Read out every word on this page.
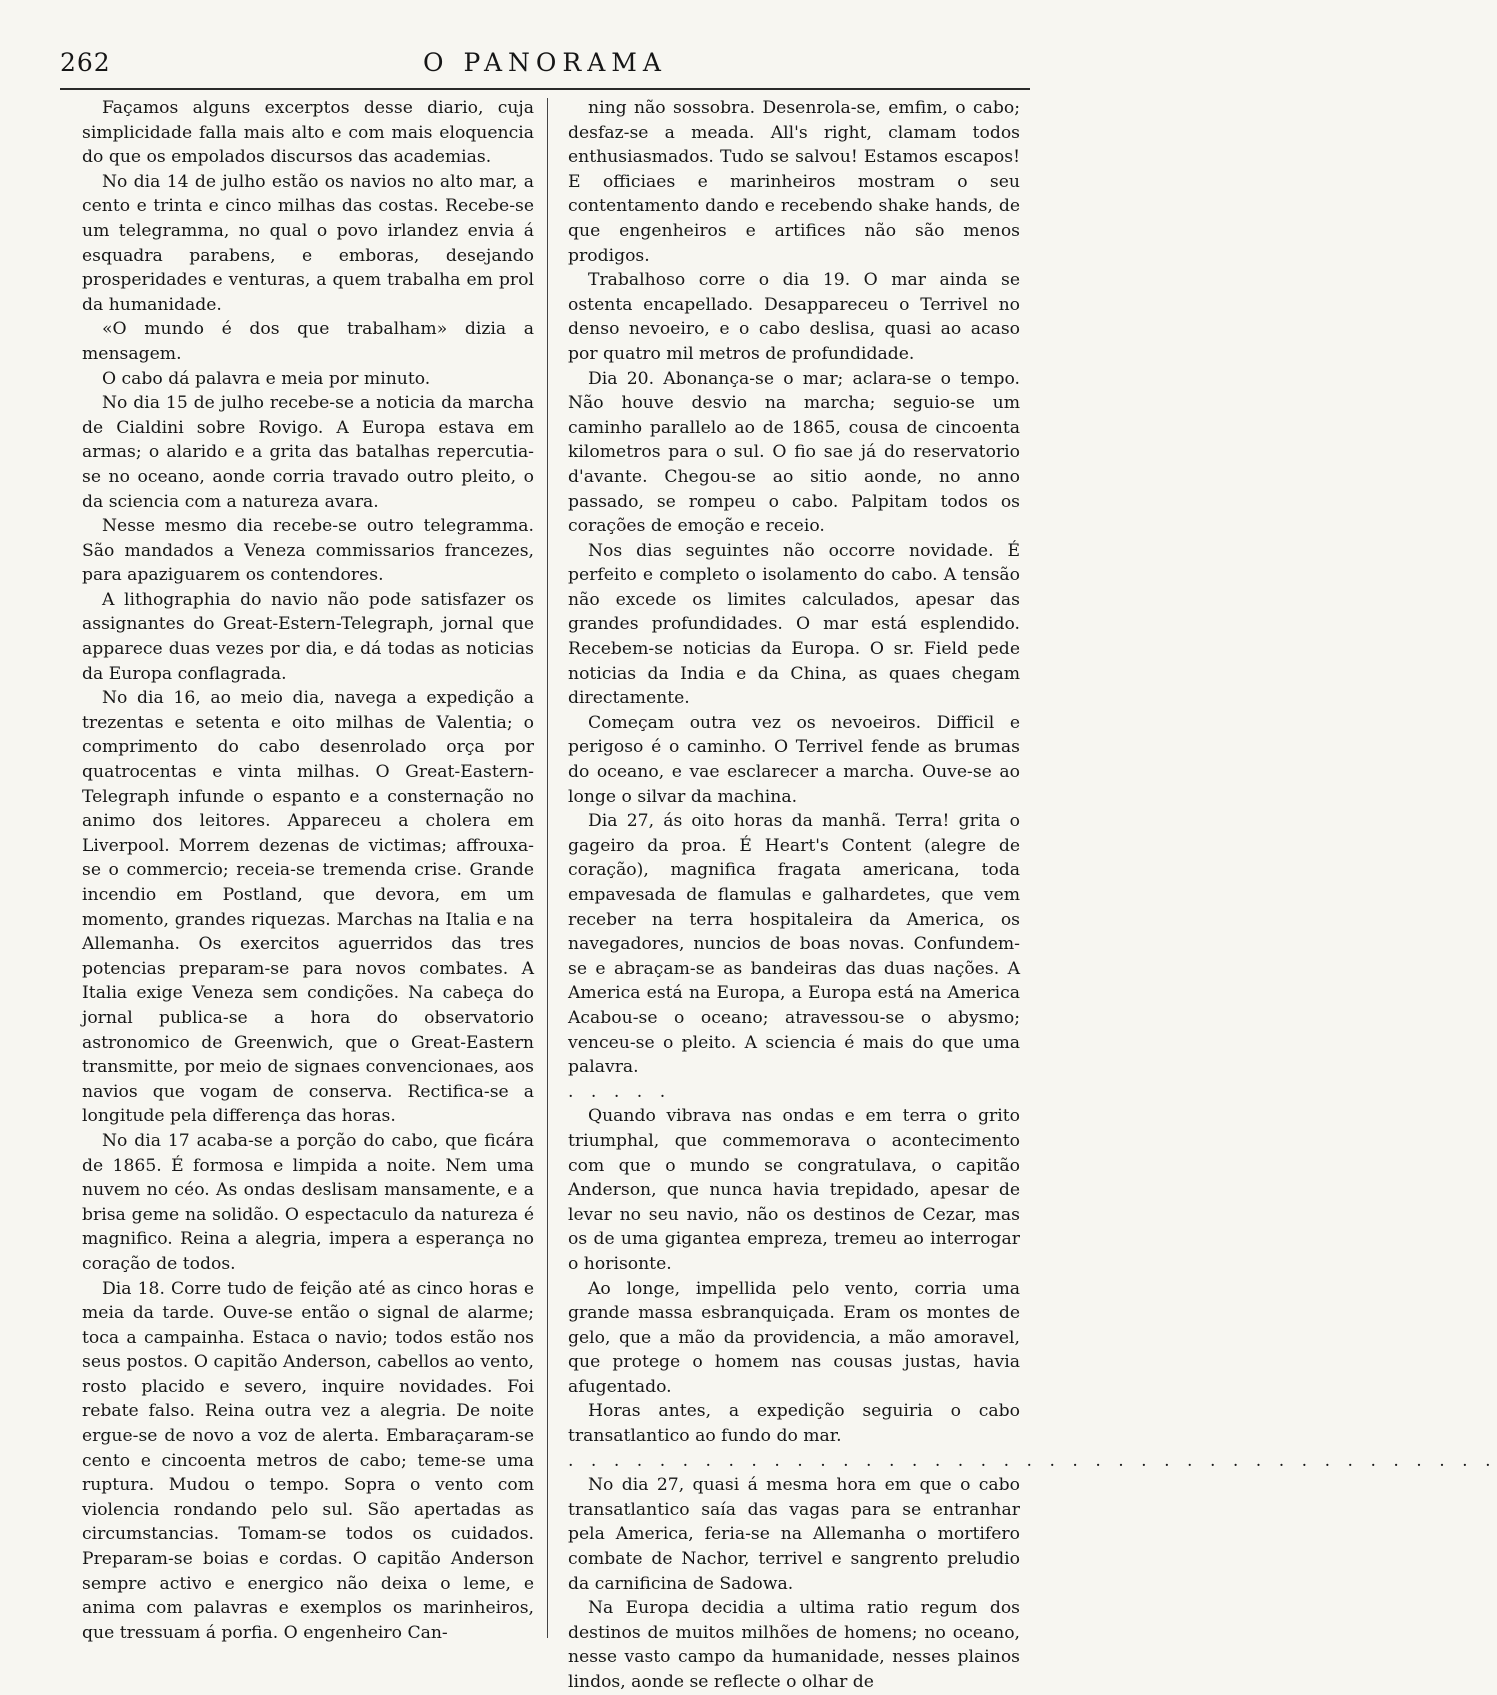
262	O PANORAMA

Façamos alguns excerptos desse diario, cuja simplicidade falla mais alto e com mais eloquencia do que os empolados discursos das academias.

No dia 14 de julho estão os navios no alto mar, a cento e trinta e cinco milhas das costas. Recebe-se um telegramma, no qual o povo irlandez envia á esquadra parabens, e emboras, desejando prosperidades e venturas, a quem trabalha em prol da humanidade.

«O mundo é dos que trabalham» dizia a mensagem.

O cabo dá palavra e meia por minuto.

No dia 15 de julho recebe-se a noticia da marcha de Cialdini sobre Rovigo. A Europa estava em armas; o alarido e a grita das batalhas repercutia-se no oceano, aonde corria travado outro pleito, o da sciencia com a natureza avara.

Nesse mesmo dia recebe-se outro telegramma. São mandados a Veneza commissarios francezes, para apaziguarem os contendores.

A lithographia do navio não pode satisfazer os assignantes do Great-Estern-Telegraph, jornal que apparece duas vezes por dia, e dá todas as noticias da Europa conflagrada.

No dia 16, ao meio dia, navega a expedição a trezentas e setenta e oito milhas de Valentia; o comprimento do cabo desenrolado orça por quatrocentas e vinta milhas. O Great-Eastern-Telegraph infunde o espanto e a consternação no animo dos leitores. Appareceu a cholera em Liverpool. Morrem dezenas de victimas; affrouxa-se o commercio; receia-se tremenda crise. Grande incendio em Postland, que devora, em um momento, grandes riquezas. Marchas na Italia e na Allemanha. Os exercitos aguerridos das tres potencias preparam-se para novos combates. A Italia exige Veneza sem condições. Na cabeça do jornal publica-se a hora do observatorio astronomico de Greenwich, que o Great-Eastern transmitte, por meio de signaes convencionaes, aos navios que vogam de conserva. Rectifica-se a longitude pela differença das horas.

No dia 17 acaba-se a porção do cabo, que ficára de 1865. É formosa e limpida a noite. Nem uma nuvem no céo. As ondas deslisam mansamente, e a brisa geme na solidão. O espectaculo da natureza é magnifico. Reina a alegria, impera a esperança no coração de todos.

Dia 18. Corre tudo de feição até as cinco horas e meia da tarde. Ouve-se então o signal de alarme; toca a campainha. Estaca o navio; todos estão nos seus postos. O capitão Anderson, cabellos ao vento, rosto placido e severo, inquire novidades. Foi rebate falso. Reina outra vez a alegria. De noite ergue-se de novo a voz de alerta. Embaraçaram-se cento e cincoenta metros de cabo; teme-se uma ruptura. Mudou o tempo. Sopra o vento com violencia rondando pelo sul. São apertadas as circumstancias. Tomam-se todos os cuidados. Preparam-se boias e cordas. O capitão Anderson sempre activo e energico não deixa o leme, e anima com palavras e exemplos os marinheiros, que tressuam á porfia. O engenheiro Can-

ning não sossobra. Desenrola-se, emfim, o cabo; desfaz-se a meada. All's right, clamam todos enthusiasmados. Tudo se salvou! Estamos escapos! E officiaes e marinheiros mostram o seu contentamento dando e recebendo shake hands, de que engenheiros e artifices não são menos prodigos.

Trabalhoso corre o dia 19. O mar ainda se ostenta encapellado. Desappareceu o Terrivel no denso nevoeiro, e o cabo deslisa, quasi ao acaso por quatro mil metros de profundidade.

Dia 20. Abonança-se o mar; aclara-se o tempo. Não houve desvio na marcha; seguio-se um caminho parallelo ao de 1865, cousa de cincoenta kilometros para o sul. O fio sae já do reservatorio d'avante. Chegou-se ao sitio aonde, no anno passado, se rompeu o cabo. Palpitam todos os corações de emoção e receio.

Nos dias seguintes não occorre novidade. É perfeito e completo o isolamento do cabo. A tensão não excede os limites calculados, apesar das grandes profundidades. O mar está esplendido. Recebem-se noticias da Europa. O sr. Field pede noticias da India e da China, as quaes chegam directamente.

Começam outra vez os nevoeiros. Difficil e perigoso é o caminho. O Terrivel fende as brumas do oceano, e vae esclarecer a marcha. Ouve-se ao longe o silvar da machina.

Dia 27, ás oito horas da manhã. Terra! grita o gageiro da proa. É Heart's Content (alegre de coração), magnifica fragata americana, toda empavesada de flamulas e galhardetes, que vem receber na terra hospitaleira da America, os navegadores, nuncios de boas novas. Confundem-se e abraçam-se as bandeiras das duas nações. A America está na Europa, a Europa está na America Acabou-se o oceano; atravessou-se o abysmo; venceu-se o pleito. A sciencia é mais do que uma palavra.

. . . . .

Quando vibrava nas ondas e em terra o grito triumphal, que commemorava o acontecimento com que o mundo se congratulava, o capitão Anderson, que nunca havia trepidado, apesar de levar no seu navio, não os destinos de Cezar, mas os de uma gigantea empreza, tremeu ao interrogar o horisonte.

Ao longe, impellida pelo vento, corria uma grande massa esbranquiçada. Eram os montes de gelo, que a mão da providencia, a mão amoravel, que protege o homem nas cousas justas, havia afugentado.

Horas antes, a expedição seguiria o cabo transatlantico ao fundo do mar.

. . . . . . . . . . . . . . . . . . . . . . . . . . . . . . . . . . . . . . . . .

No dia 27, quasi á mesma hora em que o cabo transatlantico saía das vagas para se entranhar pela America, feria-se na Allemanha o mortifero combate de Nachor, terrivel e sangrento preludio da carnificina de Sadowa.

Na Europa decidia a ultima ratio regum dos destinos de muitos milhões de homens; no oceano, nesse vasto campo da humanidade, nesses plainos lindos, aonde se reflecte o olhar de
